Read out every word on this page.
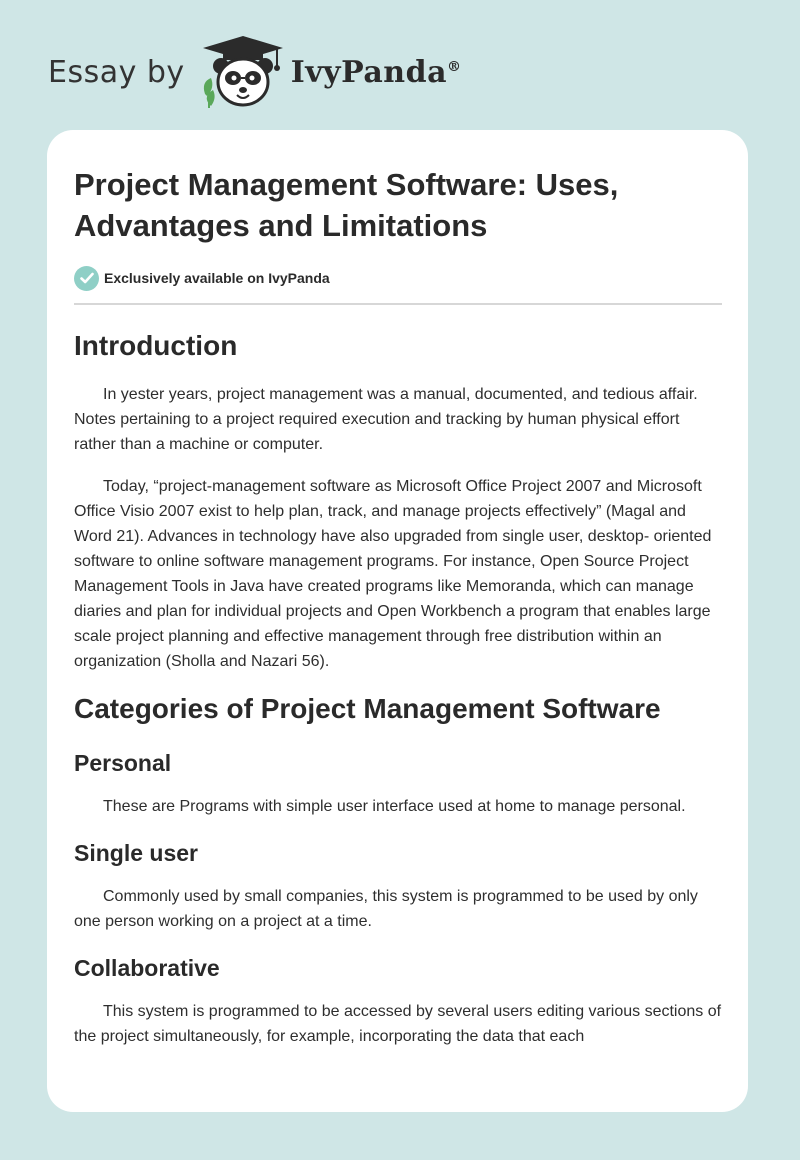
Essay by	IvyPanda®
Project Management Software: Uses, Advantages and Limitations
Exclusively available on IvyPanda
Introduction

In yester years, project management was a manual, documented, and tedious affair. Notes pertaining to a project required execution and tracking by human physical effort rather than a machine or computer.

Today, “project-management software as Microsoft Office Project 2007 and Microsoft Office Visio 2007 exist to help plan, track, and manage projects effectively” (Magal and Word 21). Advances in technology have also upgraded from single user, desktop- oriented software to online software management programs. For instance, Open Source Project Management Tools in Java have created programs like Memoranda, which can manage diaries and plan for individual projects and Open Workbench a program that enables large scale project planning and effective management through free distribution within an organization (Sholla and Nazari 56).

Categories of Project Management Software
Personal

These are Programs with simple user interface used at home to manage personal.

Single user

Commonly used by small companies, this system is programmed to be used by only one person working on a project at a time.

Collaborative

This system is programmed to be accessed by several users editing various sections of the project simultaneously, for example, incorporating the data that each
